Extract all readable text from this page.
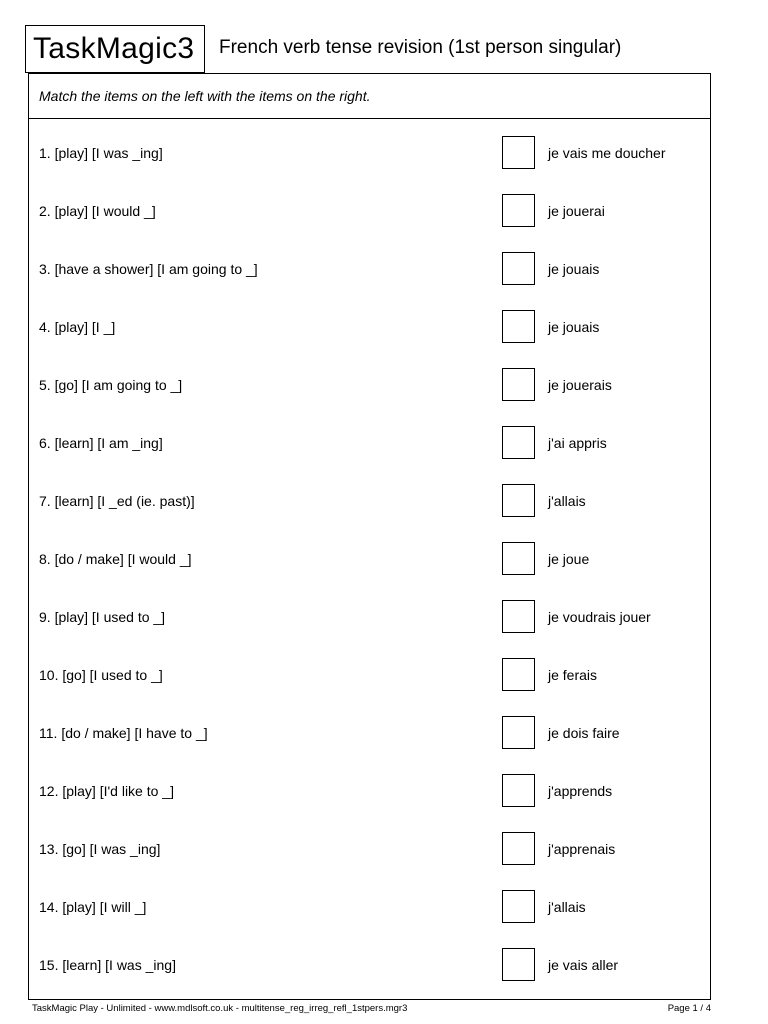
TaskMagic3	French verb tense revision (1st person singular)
Match the items on the left with the items on the right.
1. [play] [I was _ing]	je vais me doucher
2. [play] [I would _]	je jouerai
3. [have a shower] [I am going to _]	je jouais
4. [play] [I _]	je jouais
5. [go] [I am going to _]	je jouerais
6. [learn] [I am _ing]	j'ai appris
7. [learn] [I _ed (ie. past)]	j'allais
8. [do / make] [I would _]	je joue
9. [play] [I used to _]	je voudrais jouer
10. [go] [I used to _]	je ferais
11. [do / make] [I have to _]	je dois faire
12. [play] [I'd like to _]	j'apprends
13. [go] [I was _ing]	j'apprenais
14. [play] [I will _]	j'allais
15. [learn] [I was _ing]	je vais aller
TaskMagic Play - Unlimited - www.mdlsoft.co.uk - multitense_reg_irreg_refl_1stpers.mgr3	Page 1 / 4
